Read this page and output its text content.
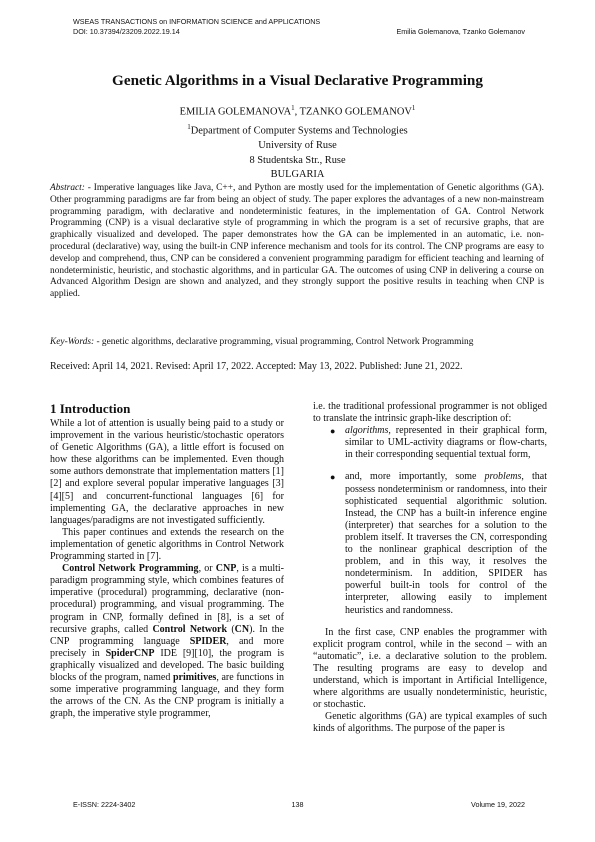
WSEAS TRANSACTIONS on INFORMATION SCIENCE and APPLICATIONS
DOI: 10.37394/23209.2022.19.14	Emilia Golemanova, Tzanko Golemanov
Genetic Algorithms in a Visual Declarative Programming
EMILIA GOLEMANOVA$^1$, TZANKO GOLEMANOV$^1$
$^1$Department of Computer Systems and Technologies
University of Ruse
8 Studentska Str., Ruse
BULGARIA
Abstract: - Imperative languages like Java, C++, and Python are mostly used for the implementation of Genetic algorithms (GA). Other programming paradigms are far from being an object of study. The paper explores the advantages of a new non-mainstream programming paradigm, with declarative and nondeterministic features, in the implementation of GA. Control Network Programming (CNP) is a visual declarative style of programming in which the program is a set of recursive graphs, that are graphically visualized and developed. The paper demonstrates how the GA can be implemented in an automatic, i.e. non-procedural (declarative) way, using the built-in CNP inference mechanism and tools for its control. The CNP programs are easy to develop and comprehend, thus, CNP can be considered a convenient programming paradigm for efficient teaching and learning of nondeterministic, heuristic, and stochastic algorithms, and in particular GA. The outcomes of using CNP in delivering a course on Advanced Algorithm Design are shown and analyzed, and they strongly support the positive results in teaching when CNP is applied.
Key-Words: - genetic algorithms, declarative programming, visual programming, Control Network Programming
Received: April 14, 2021. Revised: April 17, 2022. Accepted: May 13, 2022. Published: June 21, 2022.
1 Introduction

While a lot of attention is usually being paid to a study or improvement in the various heuristic/stochastic operators of Genetic Algorithms (GA), a little effort is focused on how these algorithms can be implemented. Even though some authors demonstrate that implementation matters [1][2] and explore several popular imperative languages [3][4][5] and concurrent-functional languages [6] for implementing GA, the declarative approaches in new languages/paradigms are not investigated sufficiently.

This paper continues and extends the research on the implementation of genetic algorithms in Control Network Programming started in [7].

Control Network Programming, or CNP, is a multi-paradigm programming style, which combines features of imperative (procedural) programming, declarative (non-procedural) programming, and visual programming. The program in CNP, formally defined in [8], is a set of recursive graphs, called Control Network (CN). In the CNP programming language SPIDER, and more precisely in SpiderCNP IDE [9][10], the program is graphically visualized and developed. The basic building blocks of the program, named primitives, are functions in some imperative programming language, and they form the arrows of the CN. As the CNP program is initially a graph, the imperative style programmer,

i.e. the traditional professional programmer is not obliged to translate the intrinsic graph-like description of:

● algorithms, represented in their graphical form, similar to UML-activity diagrams or flow-charts, in their corresponding sequential textual form,
● and, more importantly, some problems, that possess nondeterminism or randomness, into their sophisticated sequential algorithmic solution. Instead, the CNP has a built-in inference engine (interpreter) that searches for a solution to the problem itself. It traverses the CN, corresponding to the nonlinear graphical description of the problem, and in this way, it resolves the nondeterminism. In addition, SPIDER has powerful built-in tools for control of the interpreter, allowing easily to implement heuristics and randomness.

In the first case, CNP enables the programmer with explicit program control, while in the second – with an “automatic”, i.e. a declarative solution to the problem. The resulting programs are easy to develop and understand, which is important in Artificial Intelligence, where algorithms are usually nondeterministic, heuristic, or stochastic.

Genetic algorithms (GA) are typical examples of such kinds of algorithms. The purpose of the paper is

E-ISSN: 2224-3402	138	Volume 19, 2022
